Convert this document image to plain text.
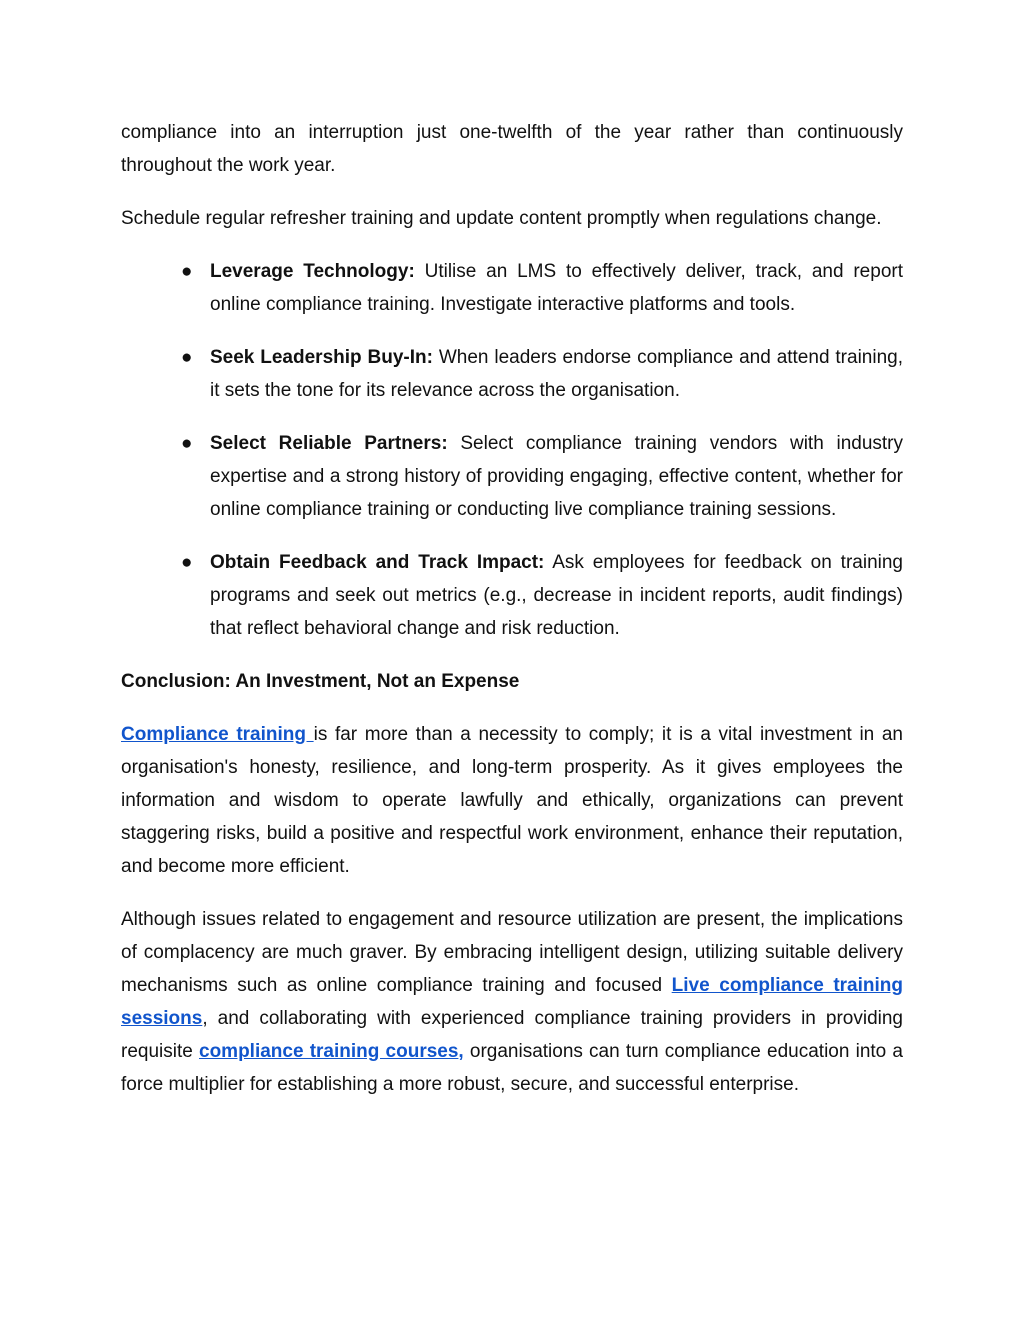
compliance into an interruption just one-twelfth of the year rather than continuously throughout the work year.

Schedule regular refresher training and update content promptly when regulations change.

● Leverage Technology: Utilise an LMS to effectively deliver, track, and report online compliance training. Investigate interactive platforms and tools.

● Seek Leadership Buy-In: When leaders endorse compliance and attend training, it sets the tone for its relevance across the organisation.

● Select Reliable Partners: Select compliance training vendors with industry expertise and a strong history of providing engaging, effective content, whether for online compliance training or conducting live compliance training sessions.

● Obtain Feedback and Track Impact: Ask employees for feedback on training programs and seek out metrics (e.g., decrease in incident reports, audit findings) that reflect behavioral change and risk reduction.

Conclusion: An Investment, Not an Expense

Compliance training is far more than a necessity to comply; it is a vital investment in an organisation's honesty, resilience, and long-term prosperity. As it gives employees the information and wisdom to operate lawfully and ethically, organizations can prevent staggering risks, build a positive and respectful work environment, enhance their reputation, and become more efficient.

Although issues related to engagement and resource utilization are present, the implications of complacency are much graver. By embracing intelligent design, utilizing suitable delivery mechanisms such as online compliance training and focused Live compliance training sessions, and collaborating with experienced compliance training providers in providing requisite compliance training courses, organisations can turn compliance education into a force multiplier for establishing a more robust, secure, and successful enterprise.
